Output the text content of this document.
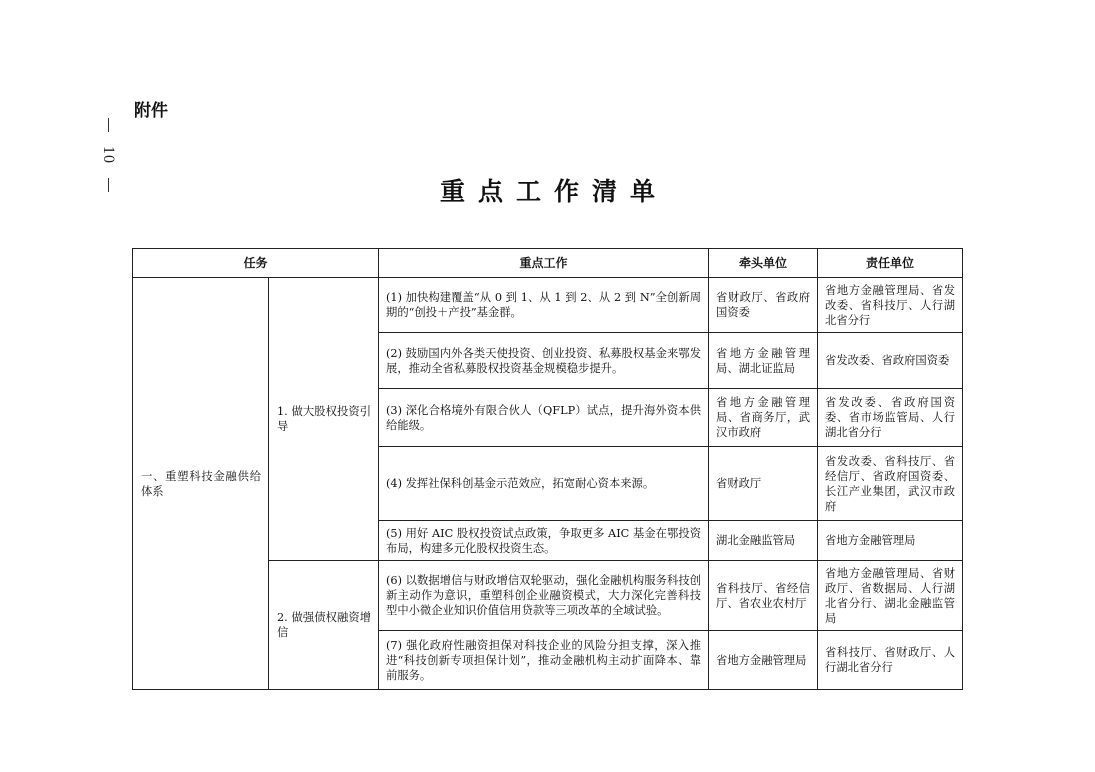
10
附件
重点工作清单
任务		重点工作	牵头单位	责任单位
一、重塑科技金融供给体系	1. 做大股权投资引导	(1) 加快构建覆盖“从 0 到 1、从 1 到 2、从 2 到 N”全创新周期的“创投＋产投”基金群。	省财政厅、省政府国资委	省地方金融管理局、省发改委、省科技厅、人行湖北省分行
		(2) 鼓励国内外各类天使投资、创业投资、私募股权基金来鄂发展，推动全省私募股权投资基金规模稳步提升。	省地方金融管理局、湖北证监局	省发改委、省政府国资委
		(3) 深化合格境外有限合伙人（QFLP）试点，提升海外资本供给能级。	省地方金融管理局、省商务厅，武汉市政府	省发改委、省政府国资委、省市场监管局、人行湖北省分行
		(4) 发挥社保科创基金示范效应，拓宽耐心资本来源。	省财政厅	省发改委、省科技厅、省经信厅、省政府国资委、长江产业集团，武汉市政府
		(5) 用好 AIC 股权投资试点政策，争取更多 AIC 基金在鄂投资布局，构建多元化股权投资生态。	湖北金融监管局	省地方金融管理局
	2. 做强债权融资增信	(6) 以数据增信与财政增信双轮驱动，强化金融机构服务科技创新主动作为意识，重塑科创企业融资模式，大力深化完善科技型中小微企业知识价值信用贷款等三项改革的全域试验。	省科技厅、省经信厅、省农业农村厅	省地方金融管理局、省财政厅、省数据局、人行湖北省分行、湖北金融监管局
		(7) 强化政府性融资担保对科技企业的风险分担支撑，深入推进“科技创新专项担保计划”，推动金融机构主动扩面降本、靠前服务。	省地方金融管理局	省科技厅、省财政厅、人行湖北省分行
